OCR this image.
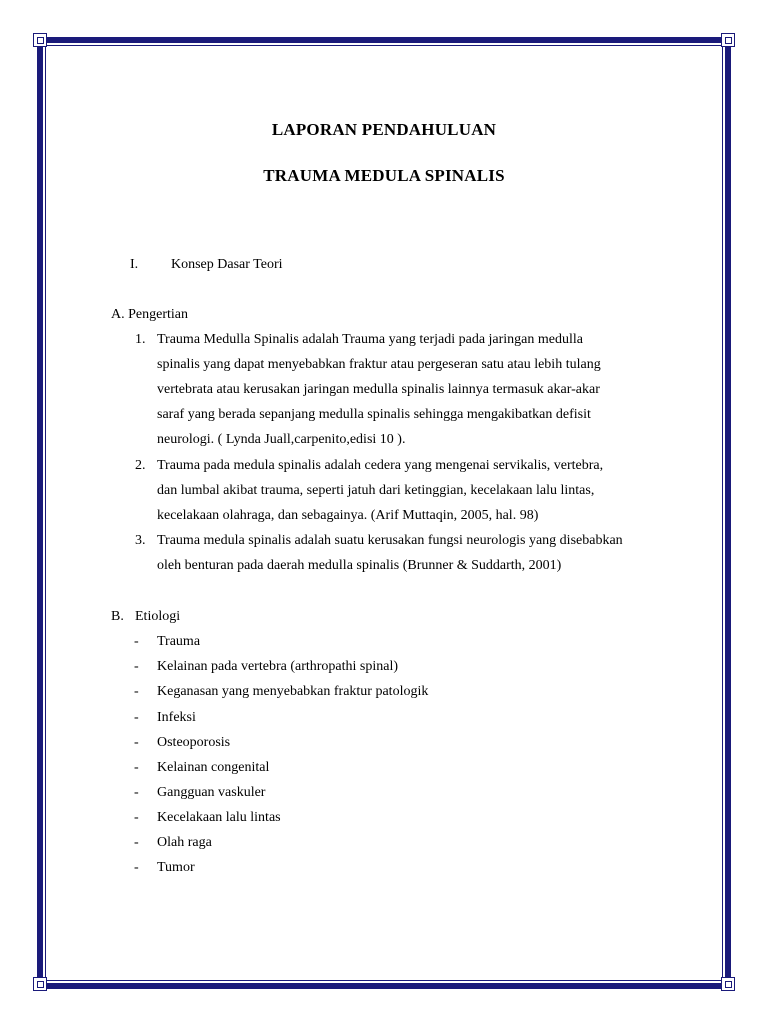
LAPORAN PENDAHULUAN
TRAUMA MEDULA SPINALIS
I. Konsep Dasar Teori
A. Pengertian
1. Trauma Medulla Spinalis adalah Trauma yang terjadi pada jaringan medulla
spinalis yang dapat menyebabkan fraktur atau pergeseran satu atau lebih tulang
vertebrata atau kerusakan jaringan medulla spinalis lainnya termasuk akar-akar
saraf yang berada sepanjang medulla spinalis sehingga mengakibatkan defisit
neurologi. ( Lynda Juall,carpenito,edisi 10 ).
2. Trauma pada medula spinalis adalah cedera yang mengenai servikalis, vertebra,
dan lumbal akibat trauma, seperti jatuh dari ketinggian, kecelakaan lalu lintas,
kecelakaan olahraga, dan sebagainya. (Arif Muttaqin, 2005, hal. 98)
3. Trauma medula spinalis adalah suatu kerusakan fungsi neurologis yang disebabkan
oleh benturan pada daerah medulla spinalis (Brunner & Suddarth, 2001)
B. Etiologi
- Trauma
- Kelainan pada vertebra (arthropathi spinal)
- Keganasan yang menyebabkan fraktur patologik
- Infeksi
- Osteoporosis
- Kelainan congenital
- Gangguan vaskuler
- Kecelakaan lalu lintas
- Olah raga
- Tumor
